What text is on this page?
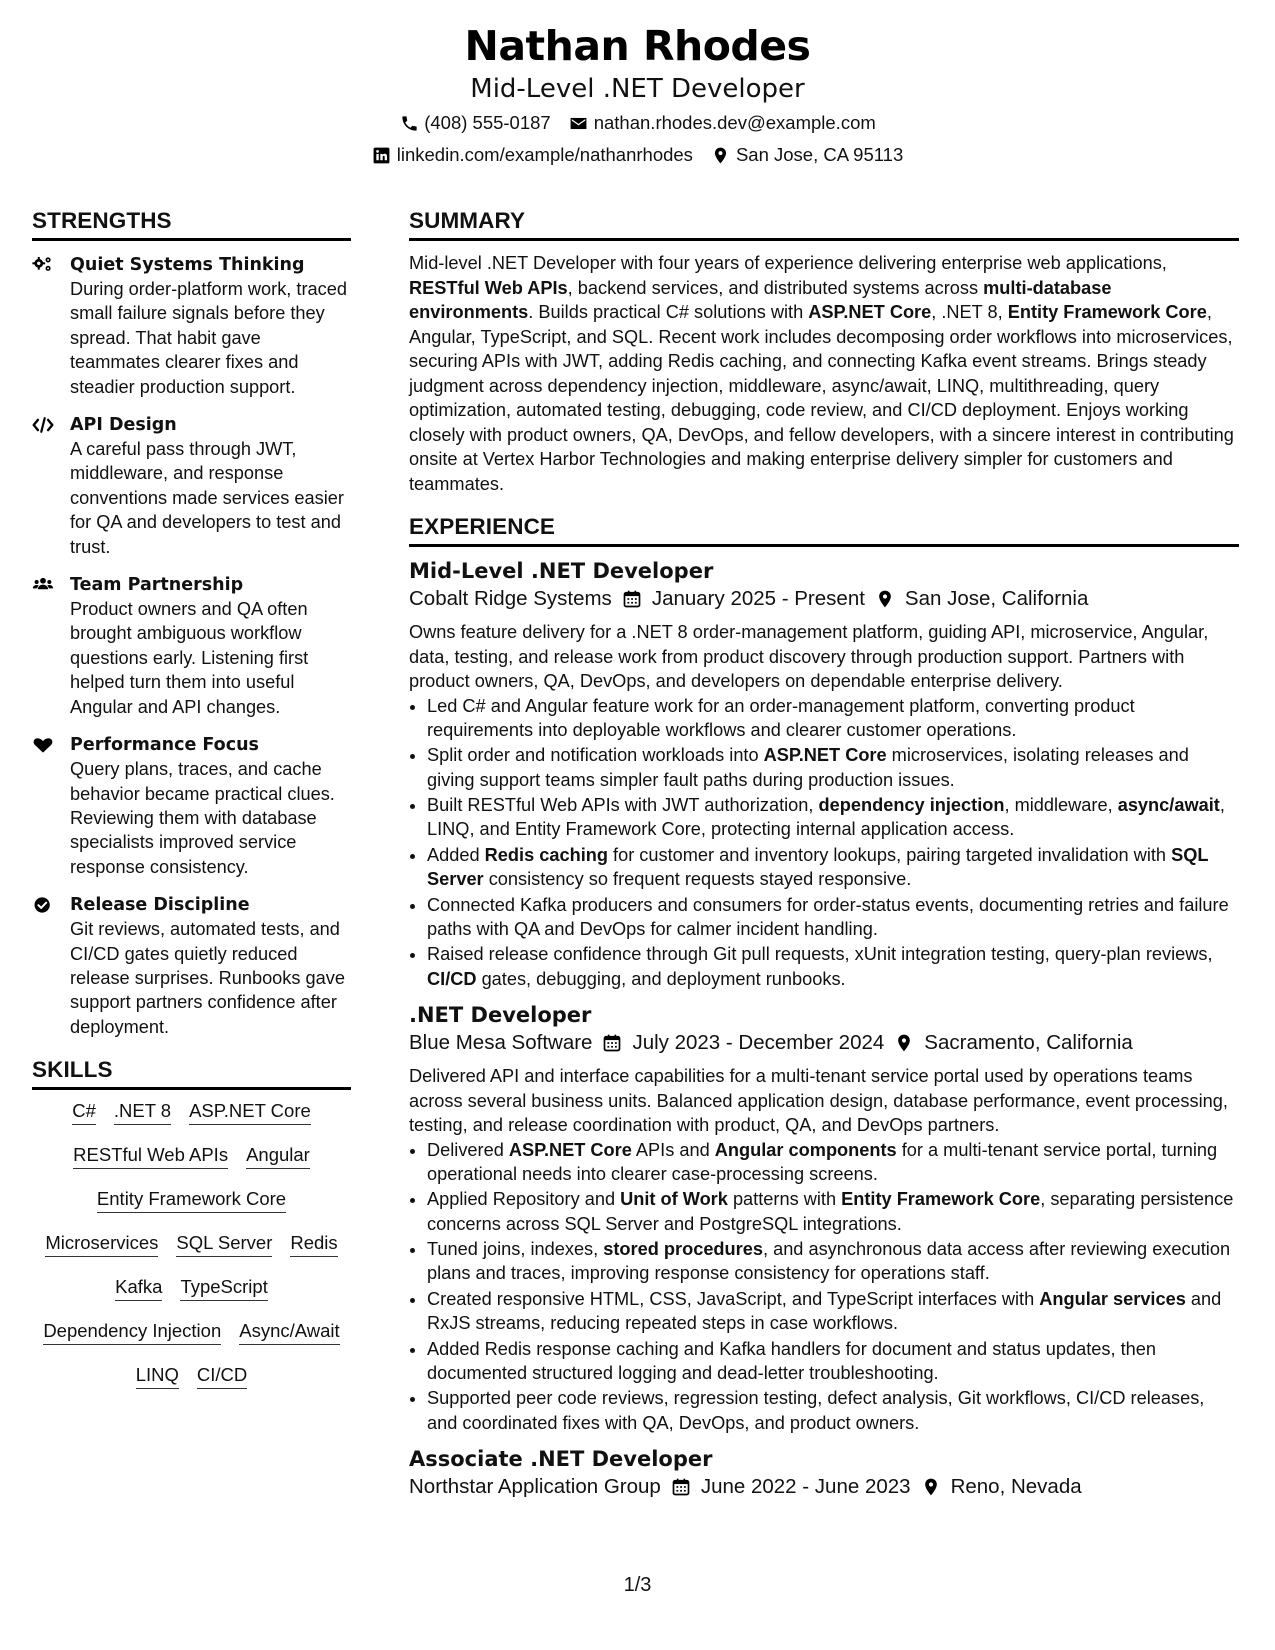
Nathan Rhodes
Mid-Level .NET Developer
(408) 555-0187 nathan.rhodes.dev@example.com
linkedin.com/example/nathanrhodes San Jose, CA 95113
STRENGTHS
Quiet Systems Thinking
During order-platform work, traced small failure signals before they spread. That habit gave teammates clearer fixes and steadier production support.
API Design
A careful pass through JWT, middleware, and response conventions made services easier for QA and developers to test and trust.
Team Partnership
Product owners and QA often brought ambiguous workflow questions early. Listening first helped turn them into useful Angular and API changes.
Performance Focus
Query plans, traces, and cache behavior became practical clues. Reviewing them with database specialists improved service response consistency.
Release Discipline
Git reviews, automated tests, and CI/CD gates quietly reduced release surprises. Runbooks gave support partners confidence after deployment.
SKILLS
C# .NET 8 ASP.NET Core
RESTful Web APIs Angular
Entity Framework Core
Microservices SQL Server Redis
Kafka TypeScript
Dependency Injection Async/Await
LINQ CI/CD
SUMMARY

Mid-level .NET Developer with four years of experience delivering enterprise web applications, RESTful Web APIs, backend services, and distributed systems across multi-database environments. Builds practical C# solutions with ASP.NET Core, .NET 8, Entity Framework Core, Angular, TypeScript, and SQL. Recent work includes decomposing order workflows into microservices, securing APIs with JWT, adding Redis caching, and connecting Kafka event streams. Brings steady judgment across dependency injection, middleware, async/await, LINQ, multithreading, query optimization, automated testing, debugging, code review, and CI/CD deployment. Enjoys working closely with product owners, QA, DevOps, and fellow developers, with a sincere interest in contributing onsite at Vertex Harbor Technologies and making enterprise delivery simpler for customers and teammates.

EXPERIENCE
Mid-Level .NET Developer
Cobalt Ridge Systems January 2025 - Present San Jose, California
Owns feature delivery for a .NET 8 order-management platform, guiding API, microservice, Angular, data, testing, and release work from product discovery through production support. Partners with product owners, QA, DevOps, and developers on dependable enterprise delivery.
• Led C# and Angular feature work for an order-management platform, converting product requirements into deployable workflows and clearer customer operations.
• Split order and notification workloads into ASP.NET Core microservices, isolating releases and giving support teams simpler fault paths during production issues.
• Built RESTful Web APIs with JWT authorization, dependency injection, middleware, async/await, LINQ, and Entity Framework Core, protecting internal application access.
• Added Redis caching for customer and inventory lookups, pairing targeted invalidation with SQL Server consistency so frequent requests stayed responsive.
• Connected Kafka producers and consumers for order-status events, documenting retries and failure paths with QA and DevOps for calmer incident handling.
• Raised release confidence through Git pull requests, xUnit integration testing, query-plan reviews, CI/CD gates, debugging, and deployment runbooks.
.NET Developer
Blue Mesa Software July 2023 - December 2024 Sacramento, California
Delivered API and interface capabilities for a multi-tenant service portal used by operations teams across several business units. Balanced application design, database performance, event processing, testing, and release coordination with product, QA, and DevOps partners.
• Delivered ASP.NET Core APIs and Angular components for a multi-tenant service portal, turning operational needs into clearer case-processing screens.
• Applied Repository and Unit of Work patterns with Entity Framework Core, separating persistence concerns across SQL Server and PostgreSQL integrations.
• Tuned joins, indexes, stored procedures, and asynchronous data access after reviewing execution plans and traces, improving response consistency for operations staff.
• Created responsive HTML, CSS, JavaScript, and TypeScript interfaces with Angular services and RxJS streams, reducing repeated steps in case workflows.
• Added Redis response caching and Kafka handlers for document and status updates, then documented structured logging and dead-letter troubleshooting.
• Supported peer code reviews, regression testing, defect analysis, Git workflows, CI/CD releases, and coordinated fixes with QA, DevOps, and product owners.
Associate .NET Developer
Northstar Application Group June 2022 - June 2023 Reno, Nevada
1/3
